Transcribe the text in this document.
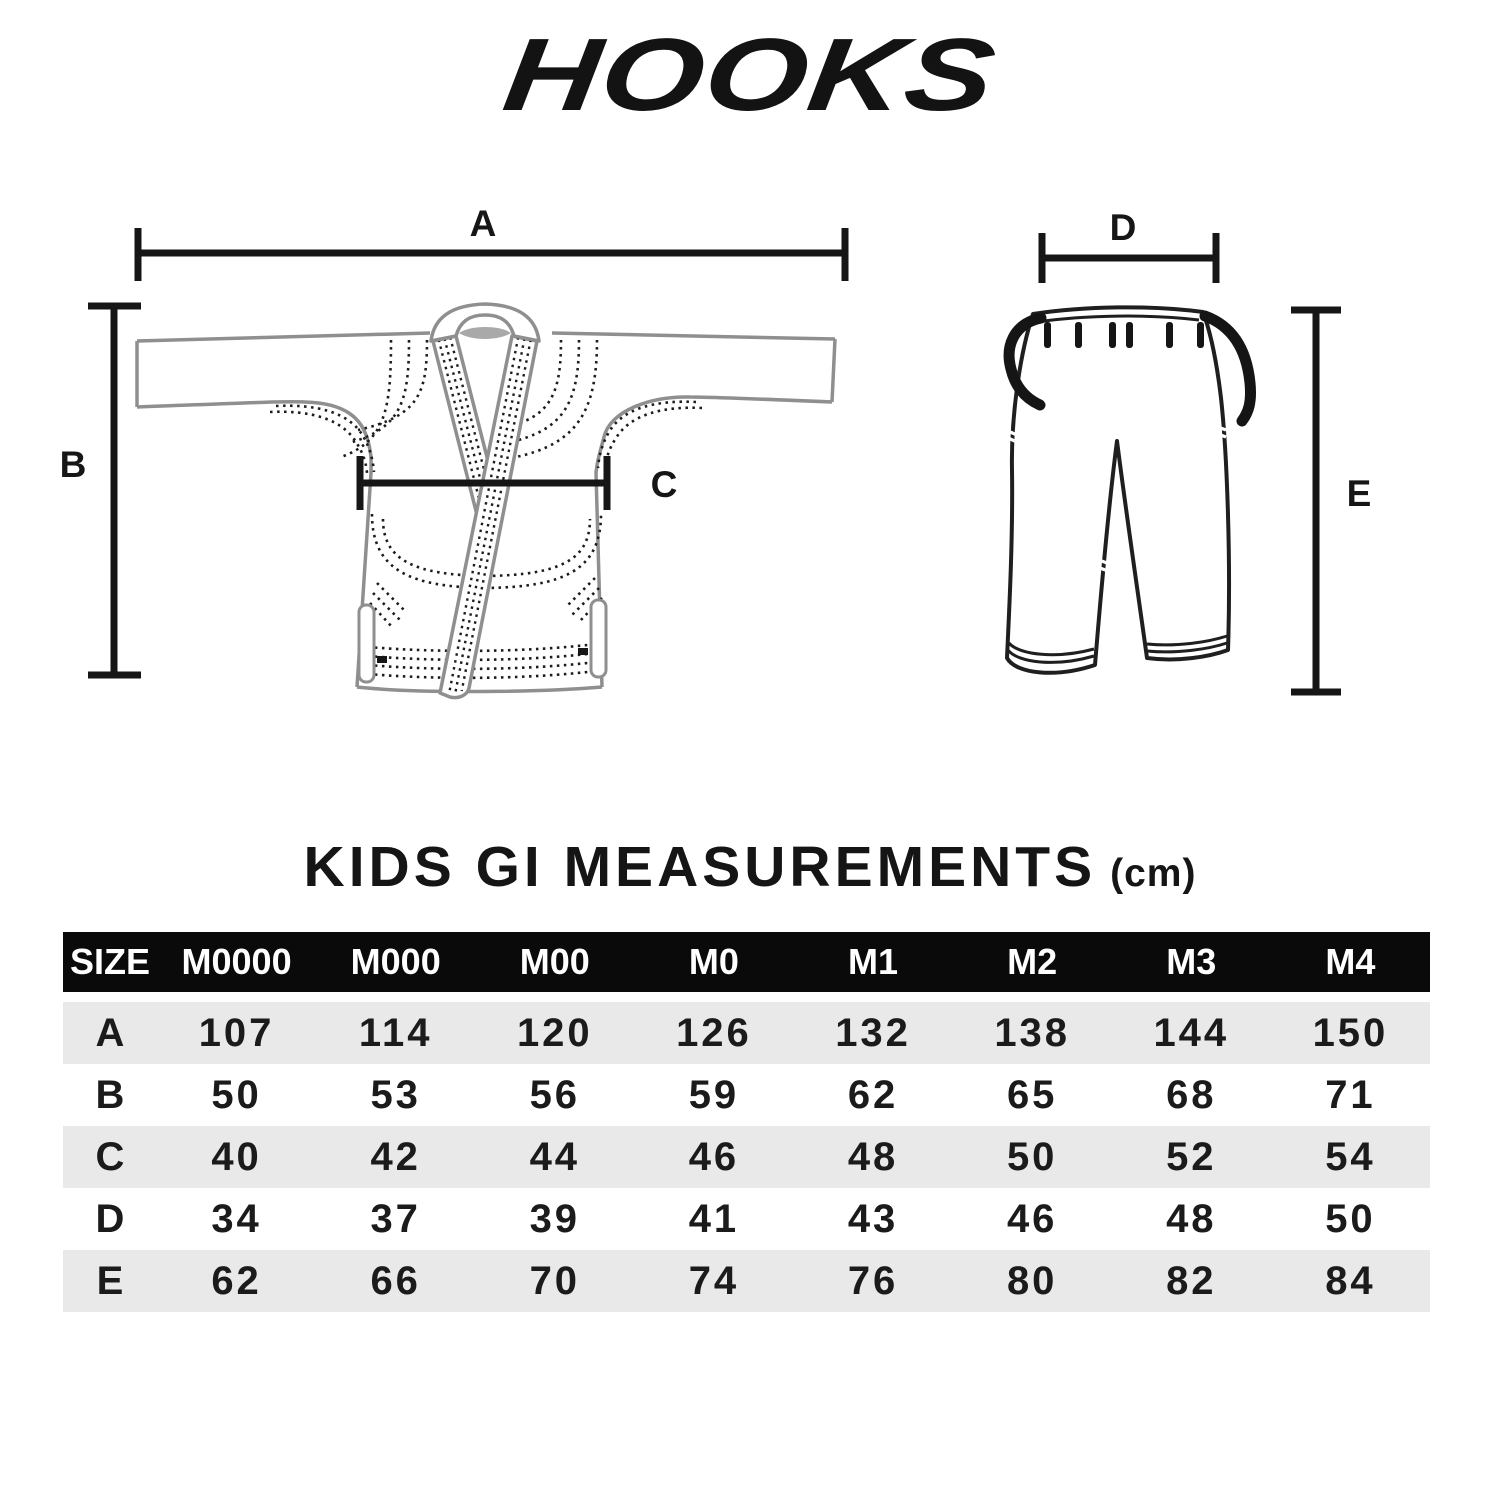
HOOKS
A
B	C
D
E
KIDS GI MEASUREMENTS (cm)
SIZE M0000	M000	M00	M0	M1	M2	M3	M4
A	107	114	120	126	132	138	144	150
B	50	53	56	59	62	65	68	71
C	40	42	44	46	48	50	52	54
D	34	37	39	41	43	46	48	50
E	62	66	70	74	76	80	82	84
